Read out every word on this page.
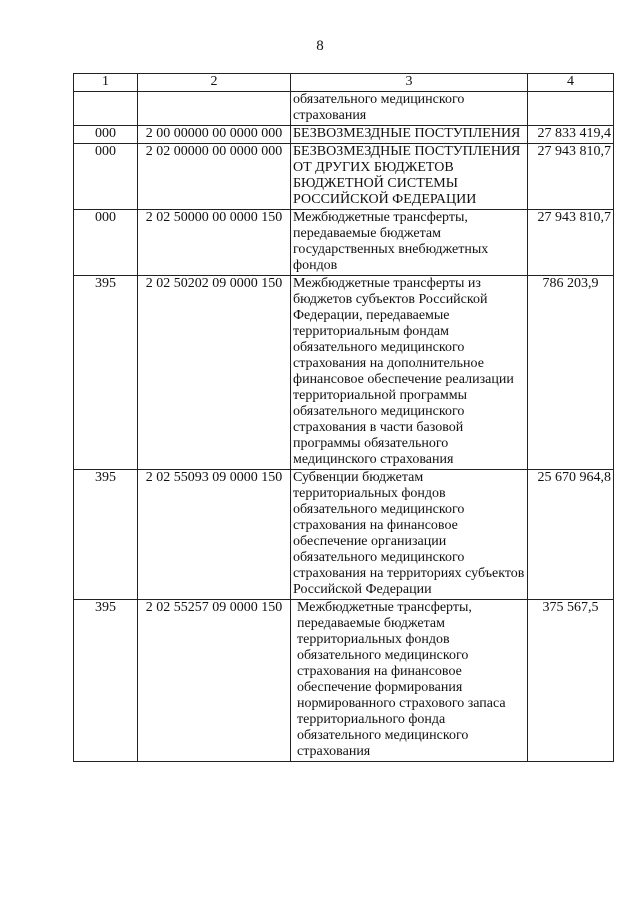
8
1	2	3	4
		обязательного медицинского страхования	
000	2 00 00000 00 0000 000	БЕЗВОЗМЕЗДНЫЕ ПОСТУПЛЕНИЯ	27 833 419,4
000	2 02 00000 00 0000 000	БЕЗВОЗМЕЗДНЫЕ ПОСТУПЛЕНИЯ ОТ ДРУГИХ БЮДЖЕТОВ БЮДЖЕТНОЙ СИСТЕМЫ РОССИЙСКОЙ ФЕДЕРАЦИИ	27 943 810,7
000	2 02 50000 00 0000 150	Межбюджетные трансферты, передаваемые бюджетам государственных внебюджетных фондов	27 943 810,7
395	2 02 50202 09 0000 150	Межбюджетные трансферты из бюджетов субъектов Российской Федерации, передаваемые территориальным фондам обязательного медицинского страхования на дополнительное финансовое обеспечение реализации территориальной программы обязательного медицинского страхования в части базовой программы обязательного медицинского страхования	786 203,9
395	2 02 55093 09 0000 150	Субвенции бюджетам территориальных фондов обязательного медицинского страхования на финансовое обеспечение организации обязательного медицинского страхования на территориях субъектов Российской Федерации	25 670 964,8
395	2 02 55257 09 0000 150	Межбюджетные трансферты, передаваемые бюджетам территориальных фондов обязательного медицинского страхования на финансовое обеспечение формирования нормированного страхового запаса территориального фонда обязательного медицинского страхования	375 567,5
